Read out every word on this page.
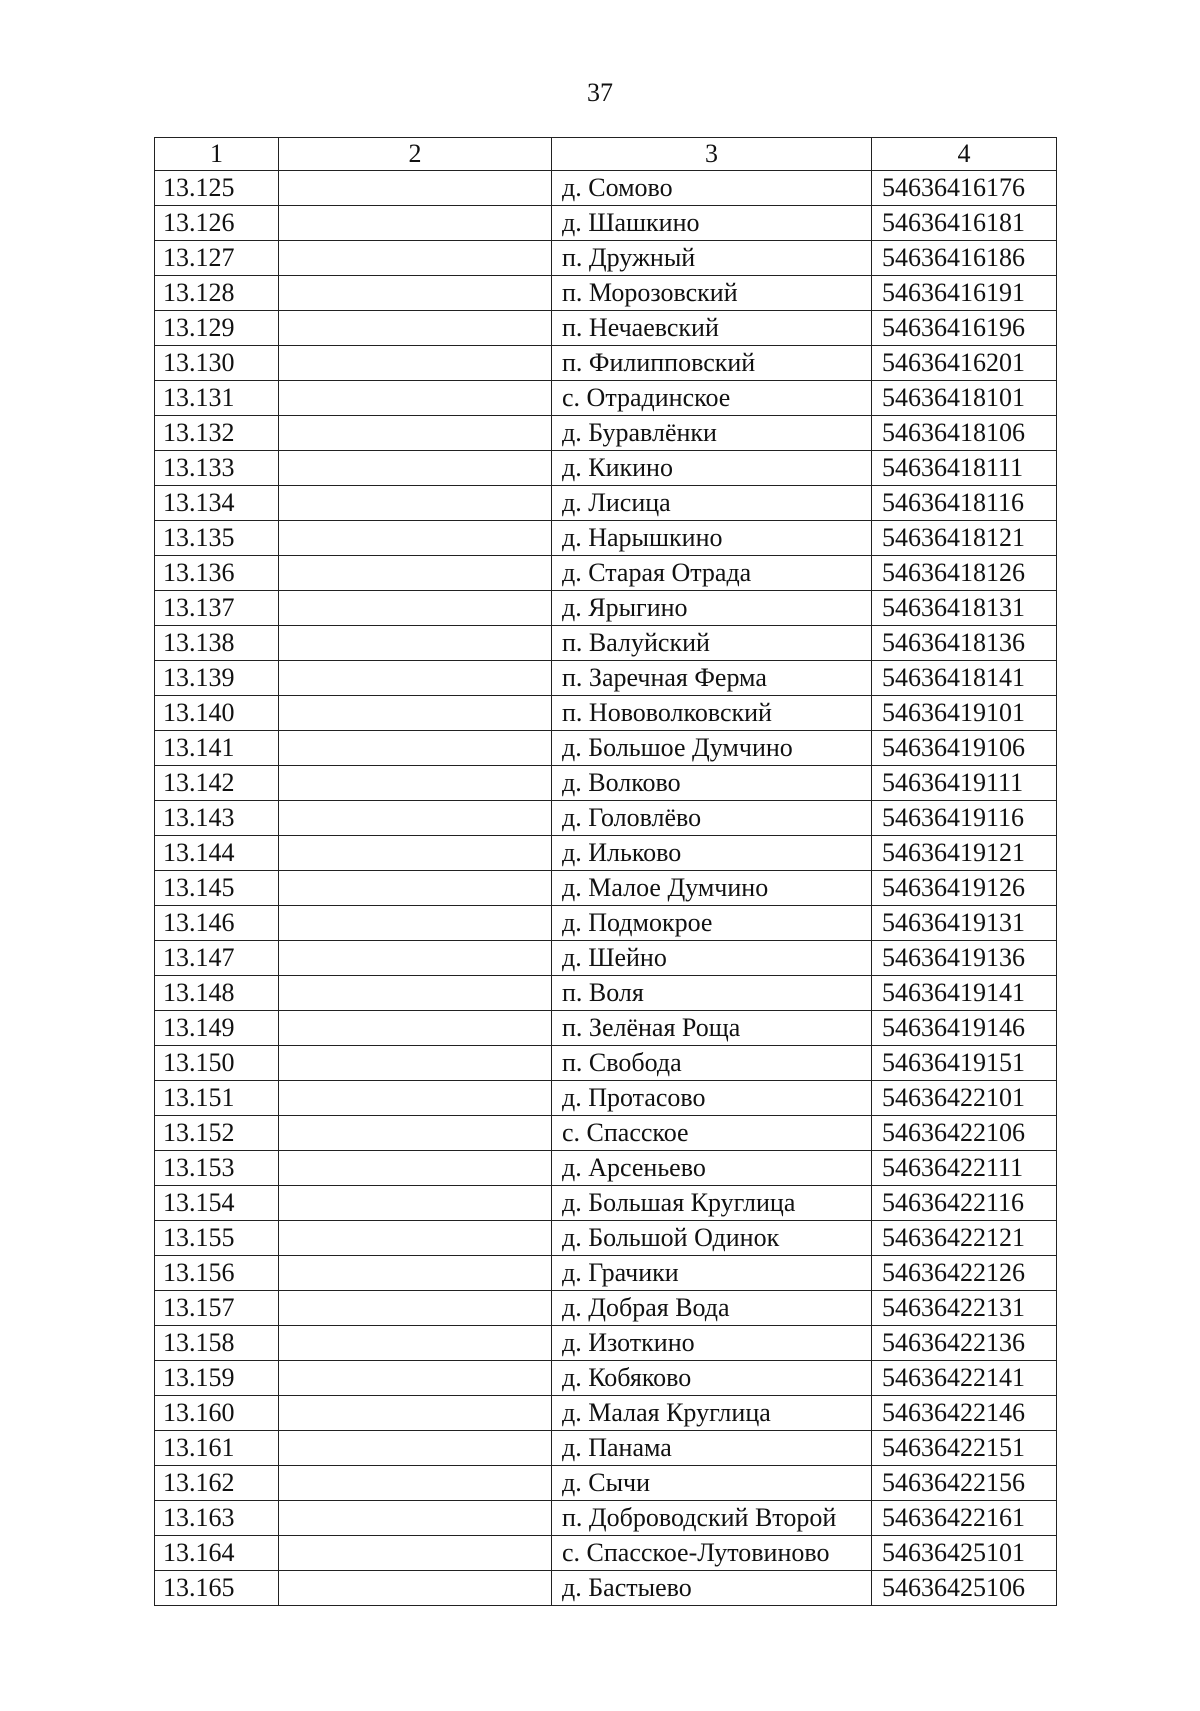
37
1	2	3	4
13.125		д. Сомово	54636416176
13.126		д. Шашкино	54636416181
13.127		п. Дружный	54636416186
13.128		п. Морозовский	54636416191
13.129		п. Нечаевский	54636416196
13.130		п. Филипповский	54636416201
13.131		с. Отрадинское	54636418101
13.132		д. Буравлёнки	54636418106
13.133		д. Кикино	54636418111
13.134		д. Лисица	54636418116
13.135		д. Нарышкино	54636418121
13.136		д. Старая Отрада	54636418126
13.137		д. Ярыгино	54636418131
13.138		п. Валуйский	54636418136
13.139		п. Заречная Ферма	54636418141
13.140		п. Нововолковский	54636419101
13.141		д. Большое Думчино	54636419106
13.142		д. Волково	54636419111
13.143		д. Головлёво	54636419116
13.144		д. Ильково	54636419121
13.145		д. Малое Думчино	54636419126
13.146		д. Подмокрое	54636419131
13.147		д. Шейно	54636419136
13.148		п. Воля	54636419141
13.149		п. Зелёная Роща	54636419146
13.150		п. Свобода	54636419151
13.151		д. Протасово	54636422101
13.152		с. Спасское	54636422106
13.153		д. Арсеньево	54636422111
13.154		д. Большая Круглица	54636422116
13.155		д. Большой Одинок	54636422121
13.156		д. Грачики	54636422126
13.157		д. Добрая Вода	54636422131
13.158		д. Изоткино	54636422136
13.159		д. Кобяково	54636422141
13.160		д. Малая Круглица	54636422146
13.161		д. Панама	54636422151
13.162		д. Сычи	54636422156
13.163		п. Доброводский Второй	54636422161
13.164		с. Спасское-Лутовиново	54636425101
13.165		д. Бастыево	54636425106
